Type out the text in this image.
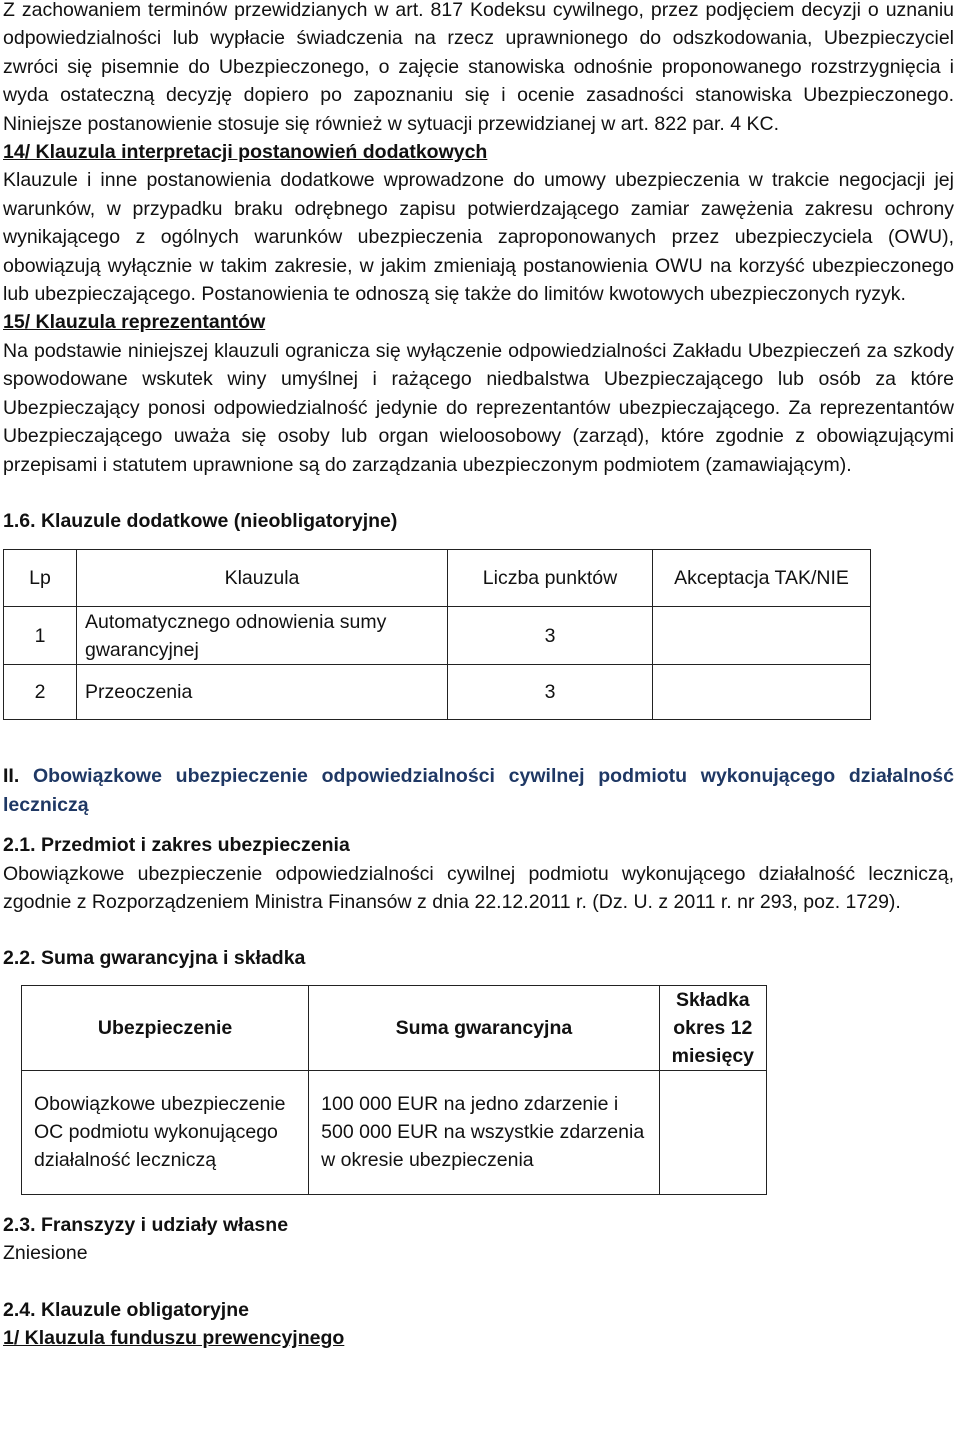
Z zachowaniem terminów przewidzianych w art. 817 Kodeksu cywilnego, przez podjęciem decyzji o uznaniu odpowiedzialności lub wypłacie świadczenia na rzecz uprawnionego do odszkodowania, Ubezpieczyciel zwróci się pisemnie do Ubezpieczonego, o zajęcie stanowiska odnośnie proponowanego rozstrzygnięcia i wyda ostateczną decyzję dopiero po zapoznaniu się i ocenie zasadności stanowiska Ubezpieczonego. Niniejsze postanowienie stosuje się również w sytuacji przewidzianej w art. 822 par. 4 KC.

14/ Klauzula interpretacji postanowień dodatkowych

Klauzule i inne postanowienia dodatkowe wprowadzone do umowy ubezpieczenia w trakcie negocjacji jej warunków, w przypadku braku odrębnego zapisu potwierdzającego zamiar zawężenia zakresu ochrony wynikającego z ogólnych warunków ubezpieczenia zaproponowanych przez ubezpieczyciela (OWU), obowiązują wyłącznie w takim zakresie, w jakim zmieniają postanowienia OWU na korzyść ubezpieczonego lub ubezpieczającego. Postanowienia te odnoszą się także do limitów kwotowych ubezpieczonych ryzyk.

15/ Klauzula reprezentantów

Na podstawie niniejszej klauzuli ogranicza się wyłączenie odpowiedzialności Zakładu Ubezpieczeń za szkody spowodowane wskutek winy umyślnej i rażącego niedbalstwa Ubezpieczającego lub osób za które Ubezpieczający ponosi odpowiedzialność jedynie do reprezentantów ubezpieczającego. Za reprezentantów Ubezpieczającego uważa się osoby lub organ wieloosobowy (zarząd), które zgodnie z obowiązującymi przepisami i statutem uprawnione są do zarządzania ubezpieczonym podmiotem (zamawiającym).

1.6. Klauzule dodatkowe (nieobligatoryjne)

Lp	Klauzula	Liczba punktów	Akceptacja TAK/NIE
1	Automatycznego odnowienia sumy gwarancyjnej	3	
2	Przeoczenia	3	

II. Obowiązkowe ubezpieczenie odpowiedzialności cywilnej podmiotu wykonującego działalność leczniczą

2.1. Przedmiot i zakres ubezpieczenia

Obowiązkowe ubezpieczenie odpowiedzialności cywilnej podmiotu wykonującego działalność leczniczą, zgodnie z Rozporządzeniem Ministra Finansów z dnia 22.12.2011 r. (Dz. U. z 2011 r. nr 293, poz. 1729).

2.2. Suma gwarancyjna i składka

Ubezpieczenie	Suma gwarancyjna	Składka okres 12 miesięcy
Obowiązkowe ubezpieczenie OC podmiotu wykonującego działalność leczniczą	100 000 EUR na jedno zdarzenie i 500 000 EUR na wszystkie zdarzenia w okresie ubezpieczenia	

2.3. Franszyzy i udziały własne

Zniesione

2.4. Klauzule obligatoryjne

1/ Klauzula funduszu prewencyjnego
